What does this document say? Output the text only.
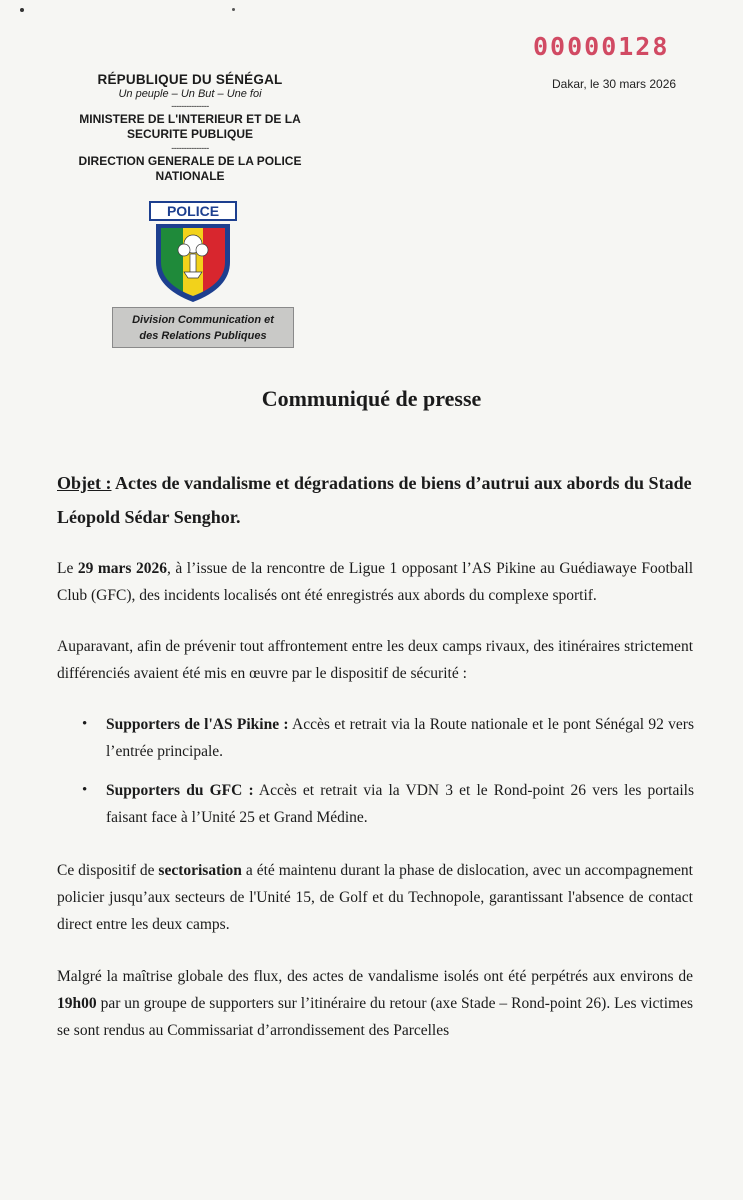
00000128
Dakar, le 30 mars 2026
RÉPUBLIQUE DU SÉNÉGAL
Un peuple – Un But – Une foi
---------------
MINISTERE DE L'INTERIEUR ET DE LA SECURITE PUBLIQUE
---------------
DIRECTION GENERALE DE LA POLICE NATIONALE
POLICE
Division Communication et
des Relations Publiques
Communiqué de presse
Objet : Actes de vandalisme et dégradations de biens d’autrui aux abords du Stade Léopold Sédar Senghor.
Le 29 mars 2026, à l’issue de la rencontre de Ligue 1 opposant l’AS Pikine au Guédiawaye Football Club (GFC), des incidents localisés ont été enregistrés aux abords du complexe sportif.
Auparavant, afin de prévenir tout affrontement entre les deux camps rivaux, des itinéraires strictement différenciés avaient été mis en œuvre par le dispositif de sécurité :
• Supporters de l'AS Pikine : Accès et retrait via la Route nationale et le pont Sénégal 92 vers l’entrée principale.
• Supporters du GFC : Accès et retrait via la VDN 3 et le Rond-point 26 vers les portails faisant face à l’Unité 25 et Grand Médine.
Ce dispositif de sectorisation a été maintenu durant la phase de dislocation, avec un accompagnement policier jusqu’aux secteurs de l'Unité 15, de Golf et du Technopole, garantissant l'absence de contact direct entre les deux camps.
Malgré la maîtrise globale des flux, des actes de vandalisme isolés ont été perpétrés aux environs de 19h00 par un groupe de supporters sur l’itinéraire du retour (axe Stade – Rond-point 26). Les victimes se sont rendus au Commissariat d’arrondissement des Parcelles
